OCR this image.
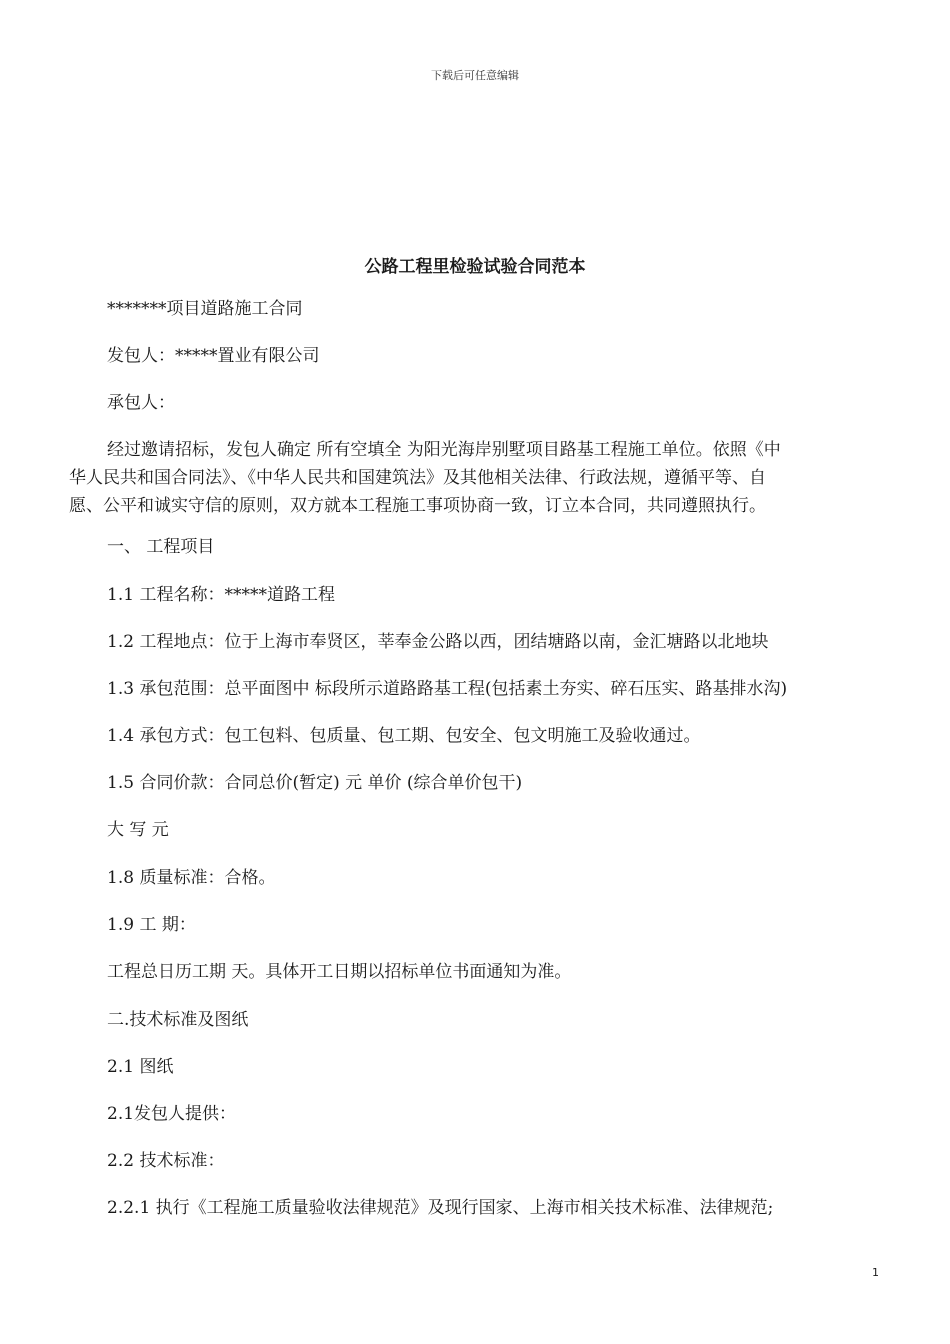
下载后可任意编辑
公路工程里检验试验合同范本
*******项目道路施工合同
发包人：*****置业有限公司
承包人：
经过邀请招标，发包人确定 所有空填全 为阳光海岸别墅项目路基工程施工单位。依照《中
华人民共和国合同法》、《中华人民共和国建筑法》及其他相关法律、行政法规，遵循平等、自
愿、公平和诚实守信的原则，双方就本工程施工事项协商一致，订立本合同，共同遵照执行。
一、 工程项目
1.1 工程名称：*****道路工程
1.2 工程地点：位于上海市奉贤区，莘奉金公路以西，团结塘路以南，金汇塘路以北地块
1.3 承包范围：总平面图中 标段所示道路路基工程(包括素土夯实、碎石压实、路基排水沟)
1.4 承包方式：包工包料、包质量、包工期、包安全、包文明施工及验收通过。
1.5 合同价款：合同总价(暂定) 元 单价 (综合单价包干)
大 写 元
1.8 质量标准：合格。
1.9 工 期：
工程总日历工期 天。具体开工日期以招标单位书面通知为准。
二.技术标准及图纸
2.1 图纸
2.1发包人提供：
2.2 技术标准：
2.2.1 执行《工程施工质量验收法律规范》及现行国家、上海市相关技术标准、法律规范;
1
